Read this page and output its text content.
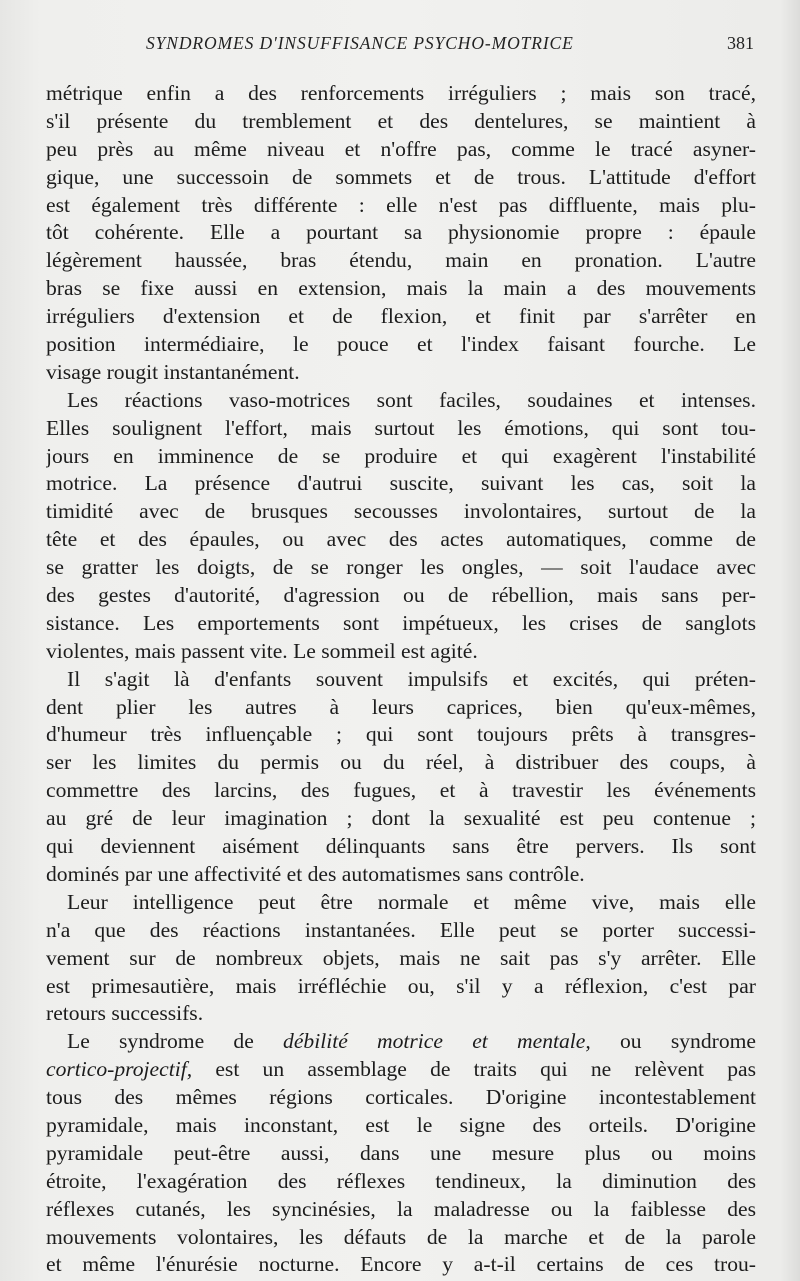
SYNDROMES D'INSUFFISANCE PSYCHO-MOTRICE	381
métrique enfin a des renforcements irréguliers ; mais son tracé,
s'il présente du tremblement et des dentelures, se maintient à
peu près au même niveau et n'offre pas, comme le tracé asyner-
gique, une successoin de sommets et de trous. L'attitude d'effort
est également très différente : elle n'est pas diffluente, mais plu-
tôt cohérente. Elle a pourtant sa physionomie propre : épaule
légèrement haussée, bras étendu, main en pronation. L'autre
bras se fixe aussi en extension, mais la main a des mouvements
irréguliers d'extension et de flexion, et finit par s'arrêter en
position intermédiaire, le pouce et l'index faisant fourche. Le
visage rougit instantanément.
Les réactions vaso-motrices sont faciles, soudaines et intenses.
Elles soulignent l'effort, mais surtout les émotions, qui sont tou-
jours en imminence de se produire et qui exagèrent l'instabilité
motrice. La présence d'autrui suscite, suivant les cas, soit la
timidité avec de brusques secousses involontaires, surtout de la
tête et des épaules, ou avec des actes automatiques, comme de
se gratter les doigts, de se ronger les ongles, — soit l'audace avec
des gestes d'autorité, d'agression ou de rébellion, mais sans per-
sistance. Les emportements sont impétueux, les crises de sanglots
violentes, mais passent vite. Le sommeil est agité.
Il s'agit là d'enfants souvent impulsifs et excités, qui préten-
dent plier les autres à leurs caprices, bien qu'eux-mêmes,
d'humeur très influençable ; qui sont toujours prêts à transgres-
ser les limites du permis ou du réel, à distribuer des coups, à
commettre des larcins, des fugues, et à travestir les événements
au gré de leur imagination ; dont la sexualité est peu contenue ;
qui deviennent aisément délinquants sans être pervers. Ils sont
dominés par une affectivité et des automatismes sans contrôle.
Leur intelligence peut être normale et même vive, mais elle
n'a que des réactions instantanées. Elle peut se porter successi-
vement sur de nombreux objets, mais ne sait pas s'y arrêter. Elle
est primesautière, mais irréfléchie ou, s'il y a réflexion, c'est par
retours successifs.
Le syndrome de débilité motrice et mentale, ou syndrome
cortico-projectif, est un assemblage de traits qui ne relèvent pas
tous des mêmes régions corticales. D'origine incontestablement
pyramidale, mais inconstant, est le signe des orteils. D'origine
pyramidale peut-être aussi, dans une mesure plus ou moins
étroite, l'exagération des réflexes tendineux, la diminution des
réflexes cutanés, les syncinésies, la maladresse ou la faiblesse des
mouvements volontaires, les défauts de la marche et de la parole
et même l'énurésie nocturne. Encore y a-t-il certains de ces trou-
